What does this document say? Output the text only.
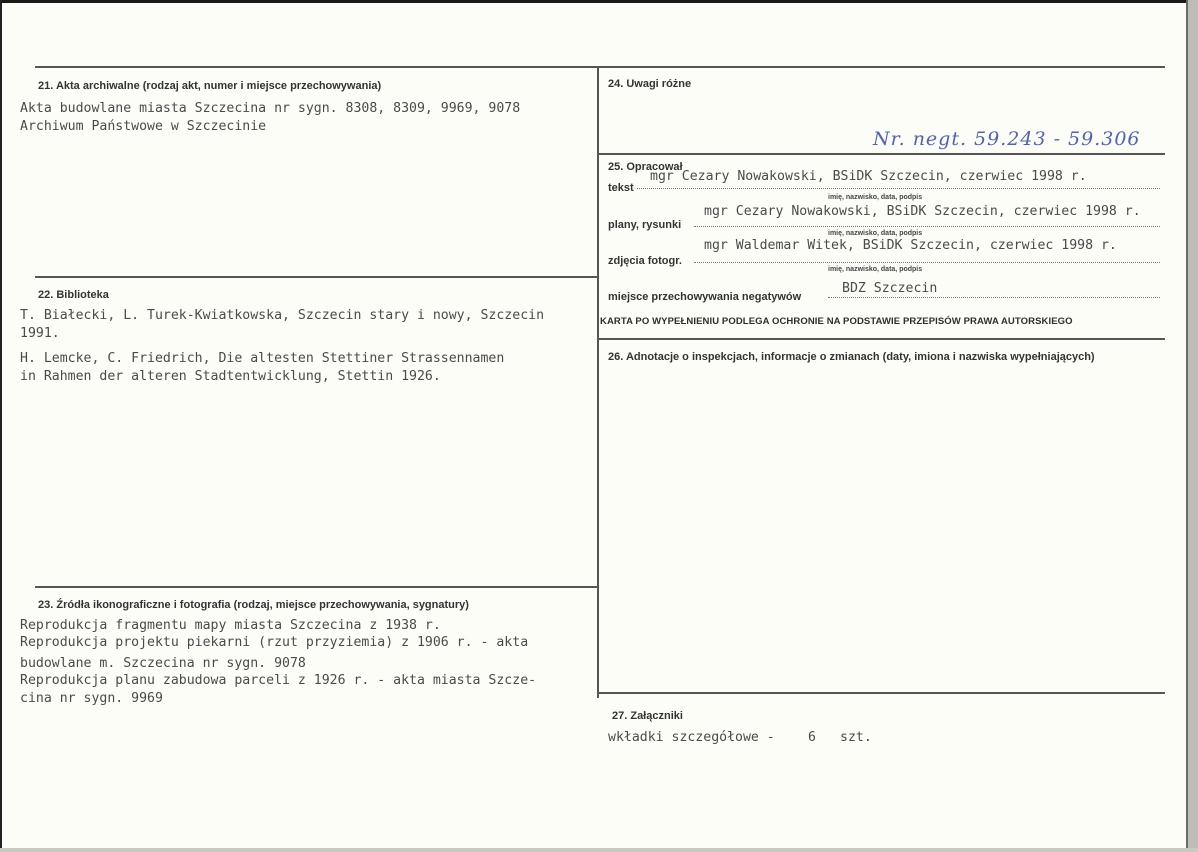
21. Akta archiwalne (rodzaj akt, numer i miejsce przechowywania)
Akta budowlane miasta Szczecina nr sygn. 8308, 8309, 9969, 9078
Archiwum Państwowe w Szczecinie
22. Biblioteka
T. Białecki, L. Turek-Kwiatkowska, Szczecin stary i nowy, Szczecin
1991.
H. Lemcke, C. Friedrich, Die altesten Stettiner Strassennamen
in Rahmen der alteren Stadtentwicklung, Stettin 1926.
23. Źródła ikonograficzne i fotografia (rodzaj, miejsce przechowywania, sygnatury)
Reprodukcja fragmentu mapy miasta Szczecina z 1938 r.
Reprodukcja projektu piekarni (rzut przyziemia) z 1906 r. - akta
budowlane m. Szczecina nr sygn. 9078
Reprodukcja planu zabudowa parceli z 1926 r. - akta miasta Szcze-
cina nr sygn. 9969
24. Uwagi różne
Nr. negt. 59.243 - 59.306
25. Opracował
tekst
mgr Cezary Nowakowski, BSiDK Szczecin, czerwiec 1998 r.
imię, nazwisko, data, podpis
plany, rysunki
mgr Cezary Nowakowski, BSiDK Szczecin, czerwiec 1998 r.
imię, nazwisko, data, podpis
zdjęcia fotogr.
mgr Waldemar Witek, BSiDK Szczecin, czerwiec 1998 r.
imię, nazwisko, data, podpis
miejsce przechowywania negatywów
BDZ Szczecin
KARTA PO WYPEŁNIENIU PODLEGA OCHRONIE NA PODSTAWIE PRZEPISÓW PRAWA AUTORSKIEGO
26. Adnotacje o inspekcjach, informacje o zmianach (daty, imiona i nazwiska wypełniających)
27. Załączniki
wkładki szczegółowe -	6 szt.
